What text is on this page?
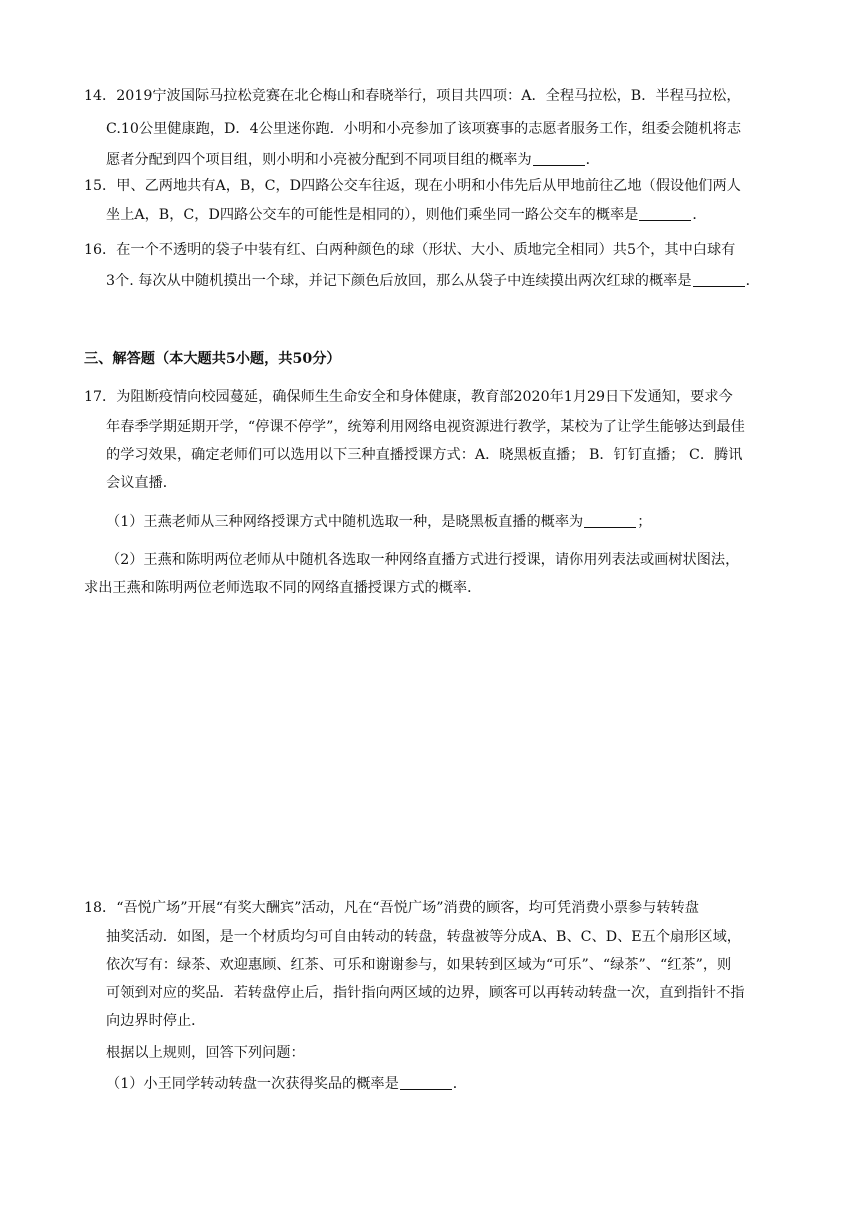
14．2019宁波国际马拉松竞赛在北仑梅山和春晓举行，项目共四项：A．全程马拉松，B．半程马拉松，
C.10公里健康跑，D．4公里迷你跑．小明和小亮参加了该项赛事的志愿者服务工作，组委会随机将志
愿者分配到四个项目组，则小明和小亮被分配到不同项目组的概率为	．
15．甲、乙两地共有A，B，C，D四路公交车往返，现在小明和小伟先后从甲地前往乙地（假设他们两人
坐上A，B，C，D四路公交车的可能性是相同的），则他们乘坐同一路公交车的概率是	．
16．在一个不透明的袋子中装有红、白两种颜色的球（形状、大小、质地完全相同）共5个，其中白球有
3个. 每次从中随机摸出一个球，并记下颜色后放回，那么从袋子中连续摸出两次红球的概率是	．
三、解答题（本大题共5小题，共50分）
17．为阻断疫情向校园蔓延，确保师生生命安全和身体健康，教育部2020年1月29日下发通知，要求今
年春季学期延期开学，“停课不停学”，统筹利用网络电视资源进行教学，某校为了让学生能够达到最佳
的学习效果，确定老师们可以选用以下三种直播授课方式：A．晓黑板直播； B．钉钉直播； C．腾讯
会议直播．
（1）王燕老师从三种网络授课方式中随机选取一种，是晓黑板直播的概率为	；
（2）王燕和陈明两位老师从中随机各选取一种网络直播方式进行授课，请你用列表法或画树状图法，
求出王燕和陈明两位老师选取不同的网络直播授课方式的概率．
18．“吾悦广场”开展“有奖大酬宾”活动，凡在“吾悦广场”消费的顾客，均可凭消费小票参与转转盘
抽奖活动．如图，是一个材质均匀可自由转动的转盘，转盘被等分成A、B、C、D、E五个扇形区域，
依次写有：绿茶、欢迎惠顾、红茶、可乐和谢谢参与，如果转到区域为“可乐”、“绿茶”、“红茶”，则
可领到对应的奖品．若转盘停止后，指针指向两区域的边界，顾客可以再转动转盘一次，直到指针不指
向边界时停止．
根据以上规则，回答下列问题：
（1）小王同学转动转盘一次获得奖品的概率是	．
